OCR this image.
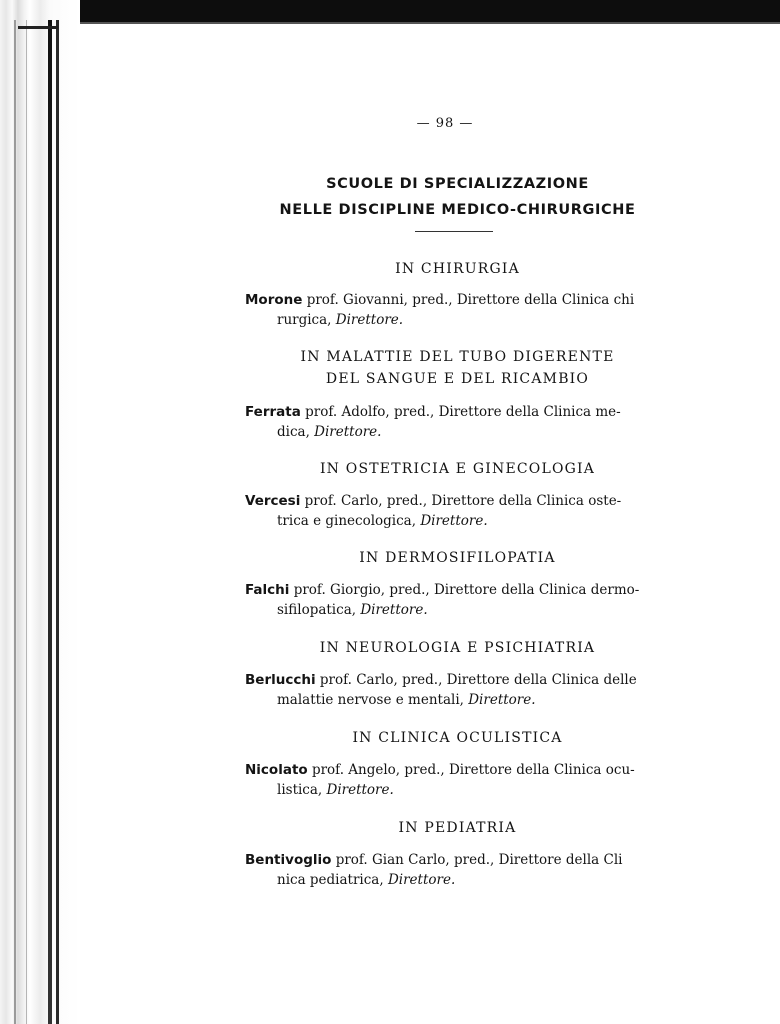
— 98 —
SCUOLE DI SPECIALIZZAZIONE
NELLE DISCIPLINE MEDICO-CHIRURGICHE
IN CHIRURGIA
Morone prof. Giovanni, pred., Direttore della Clinica chi
rurgica, Direttore.
IN MALATTIE DEL TUBO DIGERENTE
DEL SANGUE E DEL RICAMBIO
Ferrata prof. Adolfo, pred., Direttore della Clinica me-
dica, Direttore.
IN OSTETRICIA E GINECOLOGIA
Vercesi prof. Carlo, pred., Direttore della Clinica oste-
trica e ginecologica, Direttore.
IN DERMOSIFILOPATIA
Falchi prof. Giorgio, pred., Direttore della Clinica dermo-
sifilopatica, Direttore.
IN NEUROLOGIA E PSICHIATRIA
Berlucchi prof. Carlo, pred., Direttore della Clinica delle
malattie nervose e mentali, Direttore.
IN CLINICA OCULISTICA
Nicolato prof. Angelo, pred., Direttore della Clinica ocu-
listica, Direttore.
IN PEDIATRIA
Bentivoglio prof. Gian Carlo, pred., Direttore della Cli
nica pediatrica, Direttore.
